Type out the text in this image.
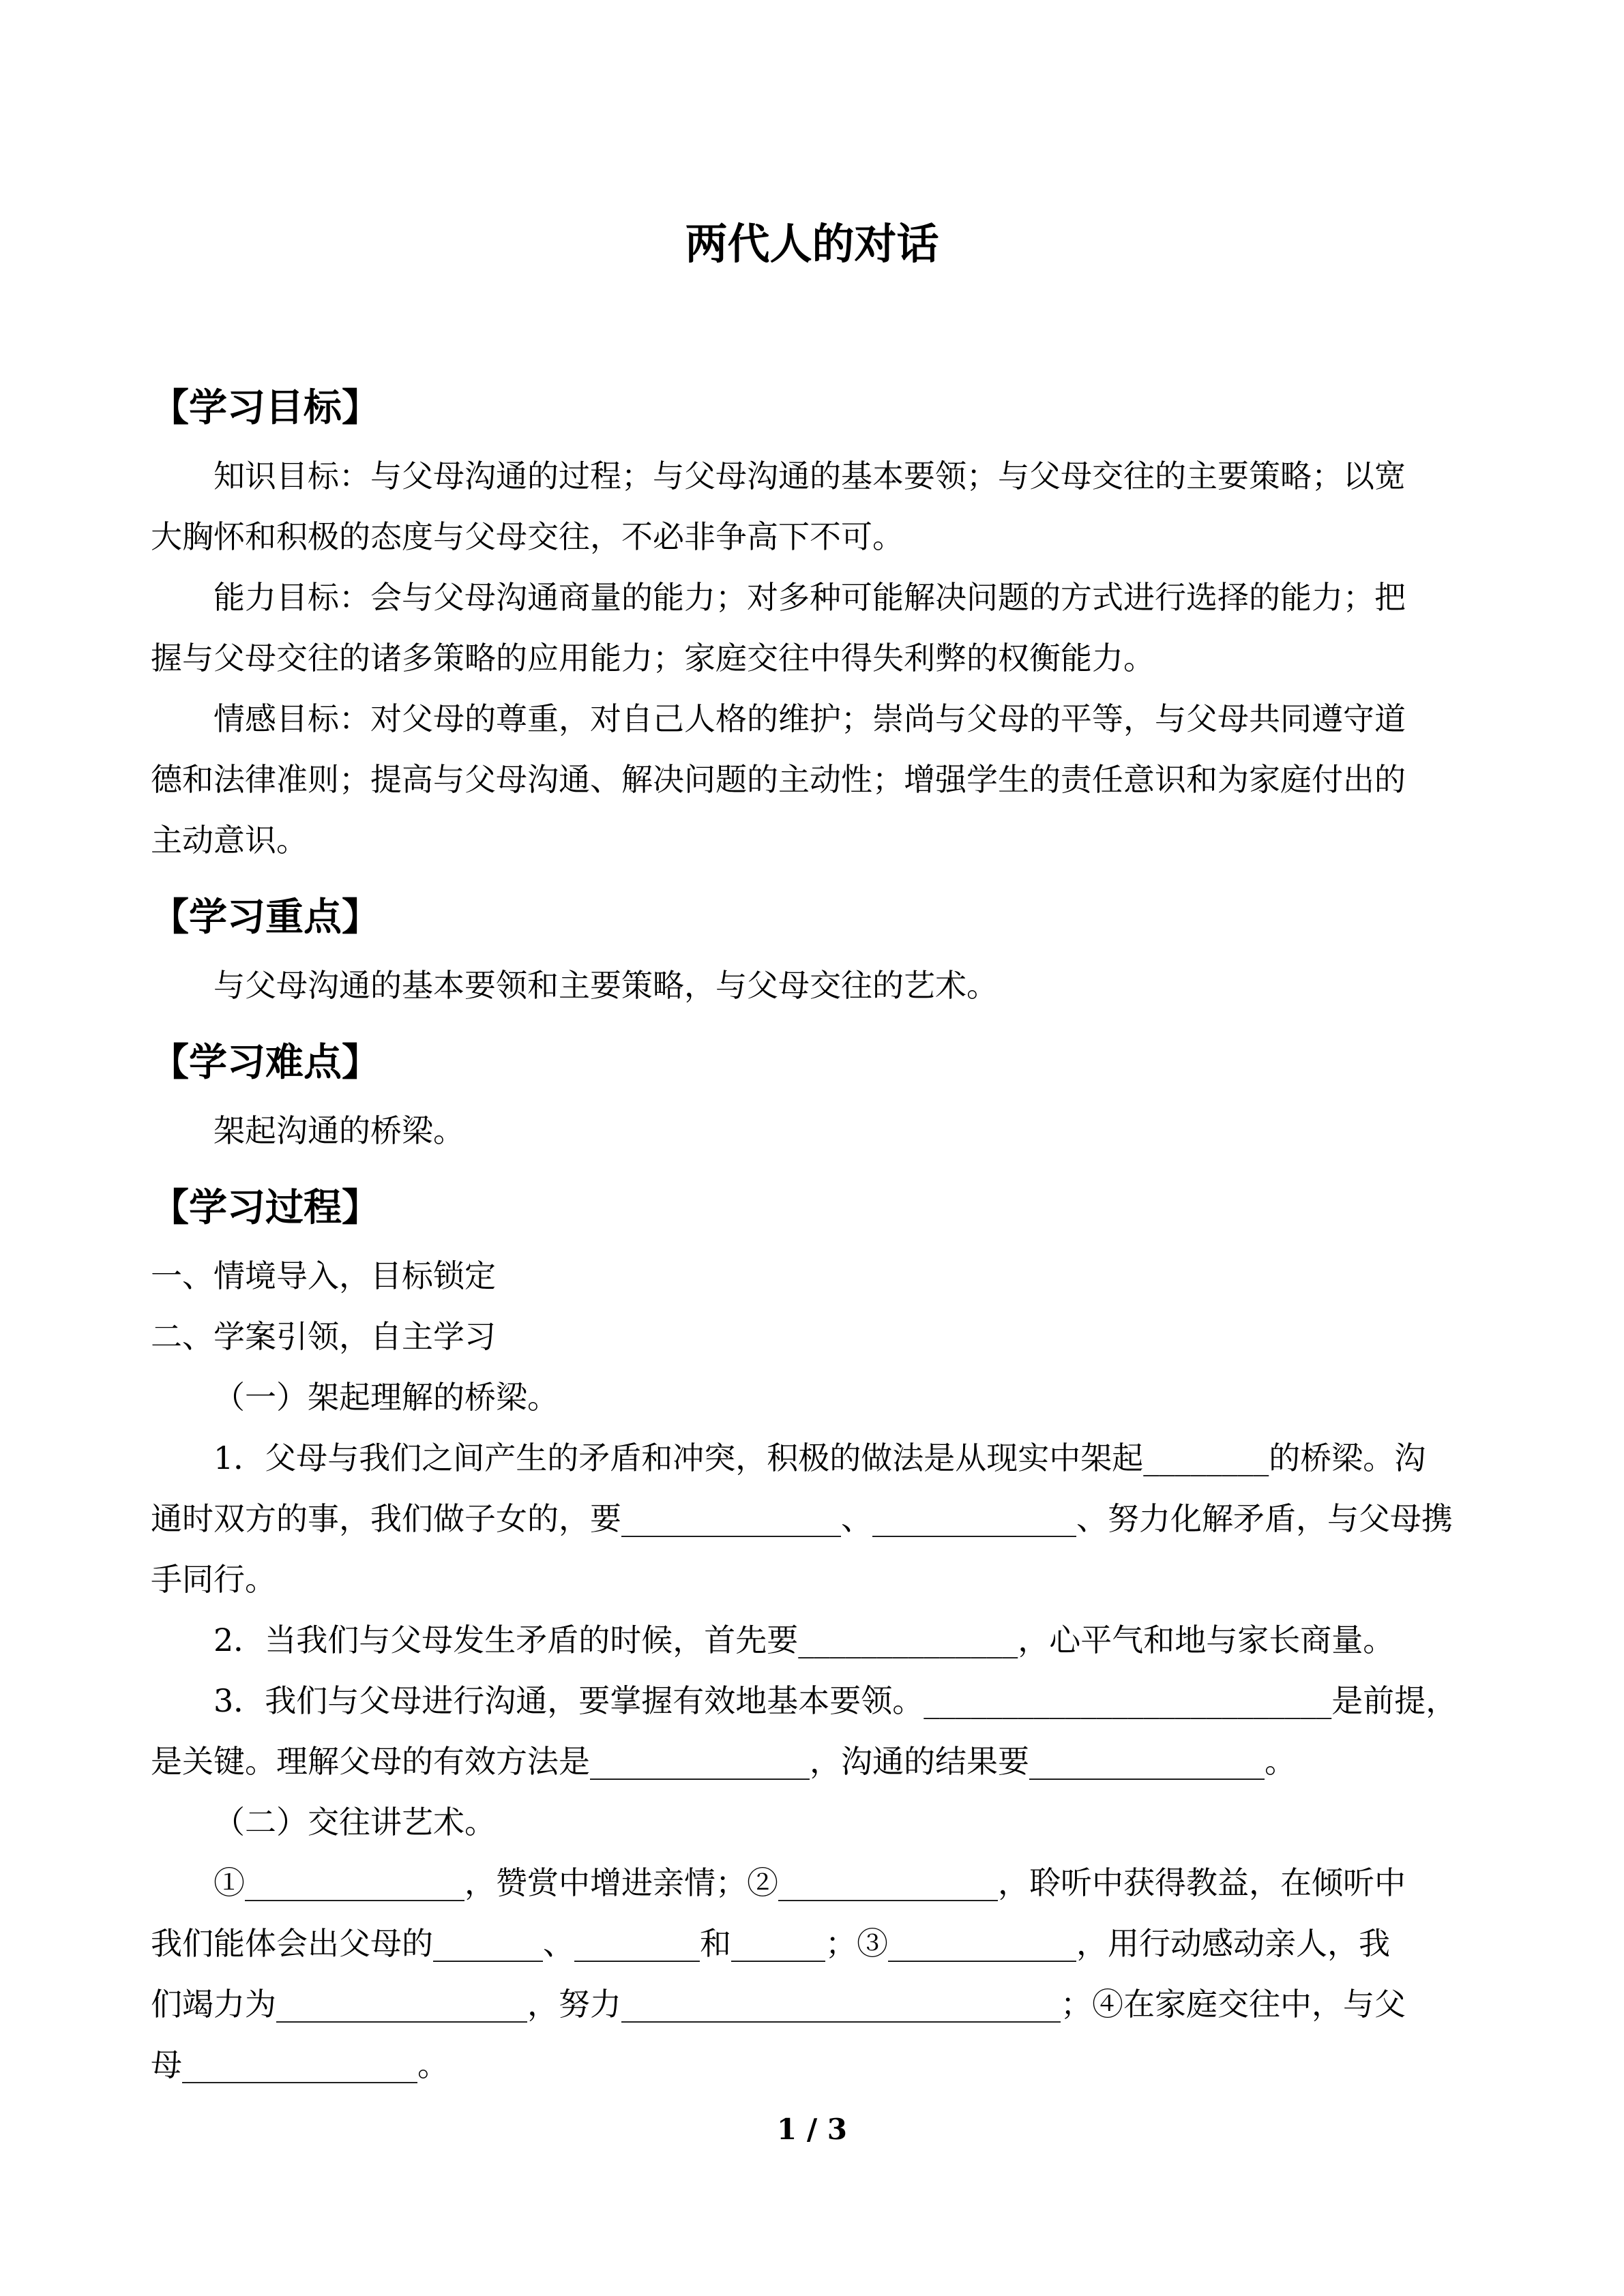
两代人的对话
【学习目标】
知识目标：与父母沟通的过程；与父母沟通的基本要领；与父母交往的主要策略；以宽
大胸怀和积极的态度与父母交往，不必非争高下不可。
能力目标：会与父母沟通商量的能力；对多种可能解决问题的方式进行选择的能力；把
握与父母交往的诸多策略的应用能力；家庭交往中得失利弊的权衡能力。
情感目标：对父母的尊重，对自己人格的维护；崇尚与父母的平等，与父母共同遵守道
德和法律准则；提高与父母沟通、解决问题的主动性；增强学生的责任意识和为家庭付出的
主动意识。
【学习重点】
与父母沟通的基本要领和主要策略，与父母交往的艺术。
【学习难点】
架起沟通的桥梁。
【学习过程】
一、情境导入，目标锁定
二、学案引领，自主学习
（一）架起理解的桥梁。
1．父母与我们之间产生的矛盾和冲突，积极的做法是从现实中架起________的桥梁。沟
通时双方的事，我们做子女的，要______________、_____________、努力化解矛盾，与父母携
手同行。
2．当我们与父母发生矛盾的时候，首先要______________，心平气和地与家长商量。
3．我们与父母进行沟通，要掌握有效地基本要领。__________________________是前提，
是关键。理解父母的有效方法是______________，沟通的结果要_______________。
（二）交往讲艺术。
①______________，赞赏中增进亲情；②______________，聆听中获得教益，在倾听中
我们能体会出父母的_______、________和______；③____________，用行动感动亲人，我
们竭力为________________，努力____________________________；④在家庭交往中，与父
母_______________。
1 / 3
